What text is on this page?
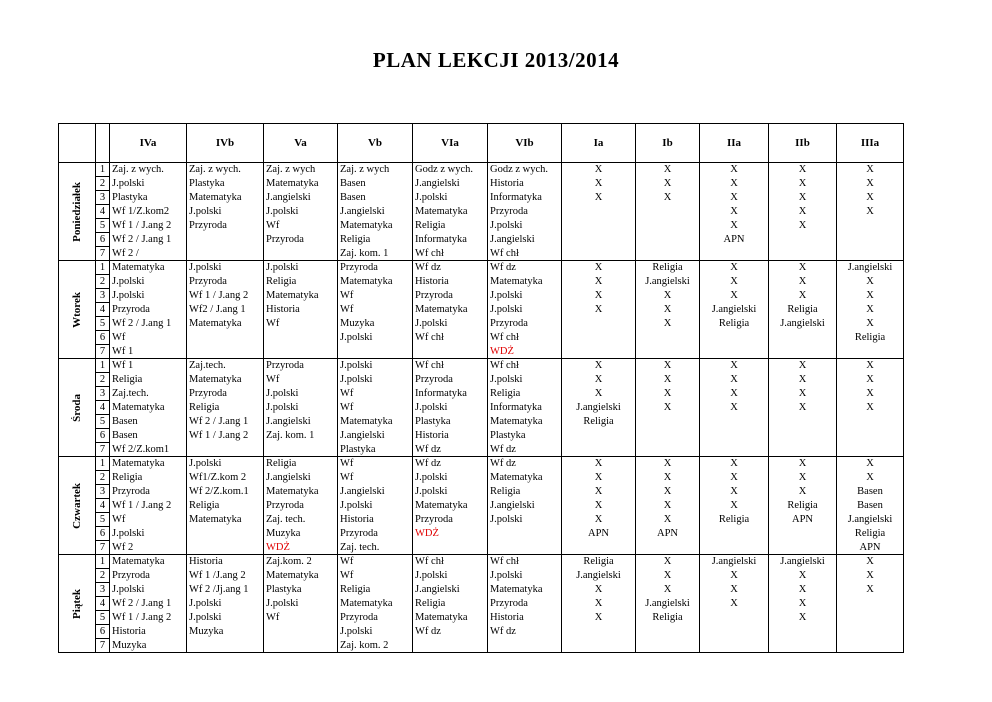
PLAN LEKCJI 2013/2014
		IVa	IVb	Va	Vb	VIa	VIb	Ia	Ib	IIa	IIb	IIIa

Poniedziałek	1	Zaj. z wych.	Zaj. z wych.	Zaj. z wych	Zaj. z wych	Godz z wych.	Godz z wych.	X	X	X	X	X
	2	J.polski	Plastyka	Matematyka	Basen	J.angielski	Historia	X	X	X	X	X
	3	Plastyka	Matematyka	J.angielski	Basen	J.polski	Informatyka	X	X	X	X	X
	4	Wf 1/Z.kom2	J.polski	J.polski	J.angielski	Matematyka	Przyroda			X	X	X
	5	Wf 1 / J.ang 2	Przyroda	Wf	Matematyka	Religia	J.polski			X	X	
	6	Wf 2 / J.ang 1		Przyroda	Religia	Informatyka	J.angielski			APN		
	7	Wf 2 /			Zaj. kom. 1	Wf chł	Wf chł					

Wtorek	1	Matematyka	J.polski	J.polski	Przyroda	Wf dz	Wf dz	X	Religia	X	X	J.angielski
	2	J.polski	Przyroda	Religia	Matematyka	Historia	Matematyka	X	J.angielski	X	X	X
	3	J.polski	Wf 1 / J.ang 2	Matematyka	Wf	Przyroda	J.polski	X	X	X	X	X
	4	Przyroda	Wf2 / J.ang 1	Historia	Wf	Matematyka	J.polski	X	X	J.angielski	Religia	X
	5	Wf 2 / J.ang 1	Matematyka	Wf	Muzyka	J.polski	Przyroda		X	Religia	J.angielski	X
	6	Wf			J.polski	Wf chł	Wf chł					Religia
	7	Wf 1					WDŻ					

Środa	1	Wf 1	Zaj.tech.	Przyroda	J.polski	Wf chł	Wf chł	X	X	X	X	X
	2	Religia	Matematyka	Wf	J.polski	Przyroda	J.polski	X	X	X	X	X
	3	Zaj.tech.	Przyroda	J.polski	Wf	Informatyka	Religia	X	X	X	X	X
	4	Matematyka	Religia	J.polski	Wf	J.polski	Informatyka	J.angielski	X	X	X	X
	5	Basen	Wf 2 / J.ang 1	J.angielski	Matematyka	Plastyka	Matematyka	Religia				
	6	Basen	Wf 1 / J.ang 2	Zaj. kom. 1	J.angielski	Historia	Plastyka					
	7	Wf 2/Z.kom1			Plastyka	Wf dz	Wf dz					

Czwartek	1	Matematyka	J.polski	Religia	Wf	Wf dz	Wf dz	X	X	X	X	X
	2	Religia	Wf1/Z.kom 2	J.angielski	Wf	J.polski	Matematyka	X	X	X	X	X
	3	Przyroda	Wf 2/Z.kom.1	Matematyka	J.angielski	J.polski	Religia	X	X	X	X	Basen
	4	Wf 1 / J.ang 2	Religia	Przyroda	J.polski	Matematyka	J.angielski	X	X	X	Religia	Basen
	5	Wf	Matematyka	Zaj. tech.	Historia	Przyroda	J.polski	X	X	Religia	APN	J.angielski
	6	J.polski		Muzyka	Przyroda	WDŻ		APN	APN			Religia
	7	Wf 2		WDŻ	Zaj. tech.							APN

Piątek	1	Matematyka	Historia	Zaj.kom. 2	Wf	Wf chł	Wf chł	Religia	X	J.angielski	J.angielski	X
	2	Przyroda	Wf 1 /J.ang 2	Matematyka	Wf	J.polski	J.polski	J.angielski	X	X	X	X
	3	J.polski	Wf 2 /Jj.ang 1	Plastyka	Religia	J.angielski	Matematyka	X	X	X	X	X
	4	Wf 2 / J.ang 1	J.polski	J.polski	Matematyka	Religia	Przyroda	X	J.angielski	X	X	
	5	Wf 1 / J.ang 2	J.polski	Wf	Przyroda	Matematyka	Historia	X	Religia		X	
	6	Historia	Muzyka		J.polski	Wf dz	Wf dz					
	7	Muzyka			Zaj. kom. 2							
